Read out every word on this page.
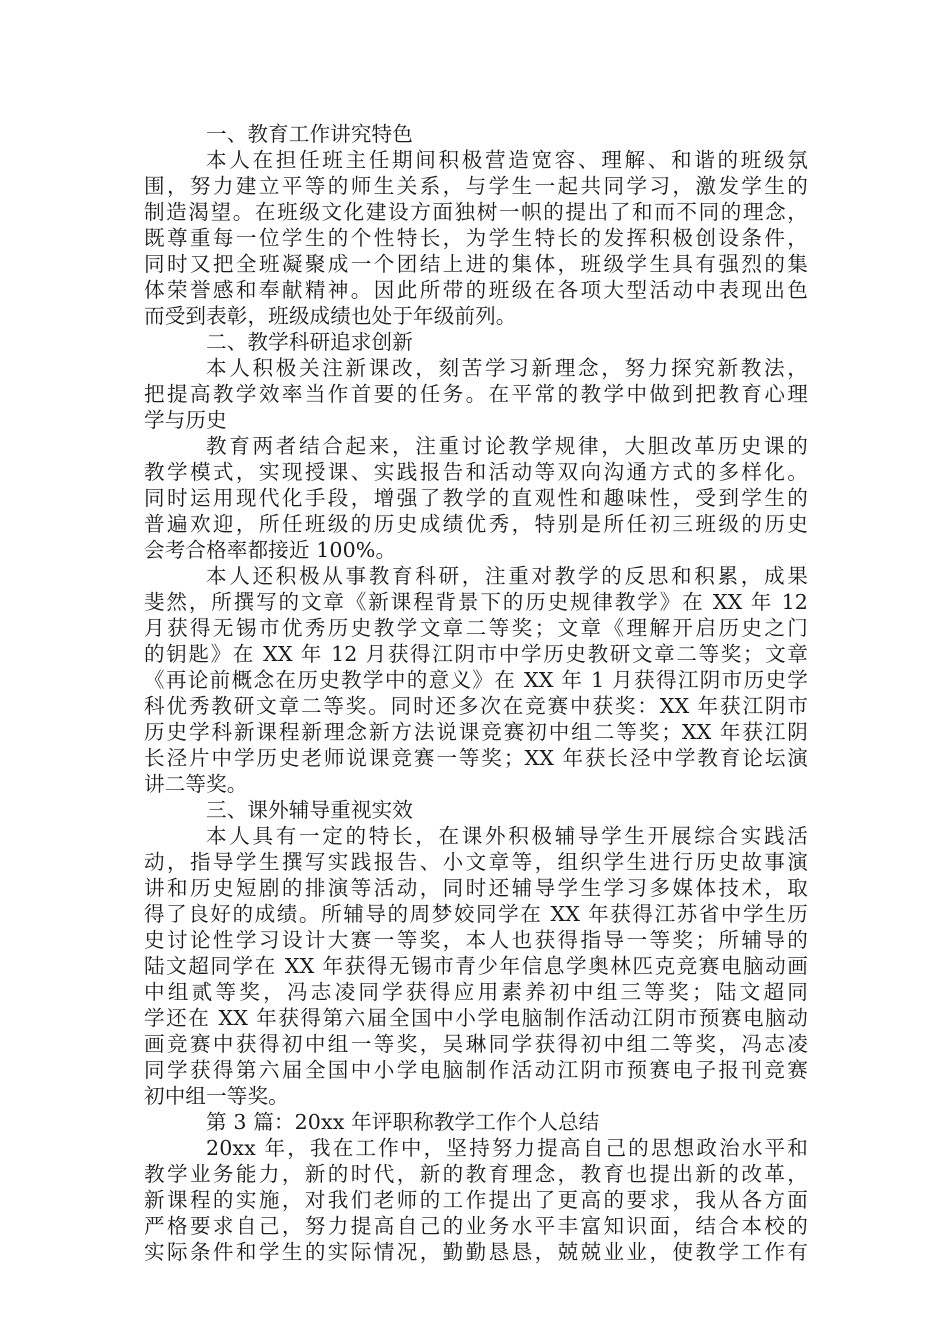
一、教育工作讲究特色
本人在担任班主任期间积极营造宽容、理解、和谐的班级氛
围，努力建立平等的师生关系，与学生一起共同学习，激发学生的
制造渴望。在班级文化建设方面独树一帜的提出了和而不同的理念，
既尊重每一位学生的个性特长，为学生特长的发挥积极创设条件，
同时又把全班凝聚成一个团结上进的集体，班级学生具有强烈的集
体荣誉感和奉献精神。因此所带的班级在各项大型活动中表现出色
而受到表彰，班级成绩也处于年级前列。
二、教学科研追求创新
本人积极关注新课改，刻苦学习新理念，努力探究新教法，
把提高教学效率当作首要的任务。在平常的教学中做到把教育心理
学与历史
教育两者结合起来，注重讨论教学规律，大胆改革历史课的
教学模式，实现授课、实践报告和活动等双向沟通方式的多样化。
同时运用现代化手段，增强了教学的直观性和趣味性，受到学生的
普遍欢迎，所任班级的历史成绩优秀，特别是所任初三班级的历史
会考合格率都接近 100%。
本人还积极从事教育科研，注重对教学的反思和积累，成果
斐然，所撰写的文章《新课程背景下的历史规律教学》在 XX 年 12
月获得无锡市优秀历史教学文章二等奖；文章《理解开启历史之门
的钥匙》在 XX 年 12 月获得江阴市中学历史教研文章二等奖；文章
《再论前概念在历史教学中的意义》在 XX 年 1 月获得江阴市历史学
科优秀教研文章二等奖。同时还多次在竞赛中获奖：XX 年获江阴市
历史学科新课程新理念新方法说课竞赛初中组二等奖；XX 年获江阴
长泾片中学历史老师说课竞赛一等奖；XX 年获长泾中学教育论坛演
讲二等奖。
三、课外辅导重视实效
本人具有一定的特长，在课外积极辅导学生开展综合实践活
动，指导学生撰写实践报告、小文章等，组织学生进行历史故事演
讲和历史短剧的排演等活动，同时还辅导学生学习多媒体技术，取
得了良好的成绩。所辅导的周梦姣同学在 XX 年获得江苏省中学生历
史讨论性学习设计大赛一等奖，本人也获得指导一等奖；所辅导的
陆文超同学在 XX 年获得无锡市青少年信息学奥林匹克竞赛电脑动画
中组贰等奖，冯志凌同学获得应用素养初中组三等奖；陆文超同
学还在 XX 年获得第六届全国中小学电脑制作活动江阴市预赛电脑动
画竞赛中获得初中组一等奖，吴琳同学获得初中组二等奖，冯志凌
同学获得第六届全国中小学电脑制作活动江阴市预赛电子报刊竞赛
初中组一等奖。
第 3 篇：20xx 年评职称教学工作个人总结
20xx 年，我在工作中，坚持努力提高自己的思想政治水平和
教学业务能力，新的时代，新的教育理念，教育也提出新的改革，
新课程的实施，对我们老师的工作提出了更高的要求，我从各方面
严格要求自己，努力提高自己的业务水平丰富知识面，结合本校的
实际条件和学生的实际情况，勤勤恳恳，兢兢业业，使教学工作有
